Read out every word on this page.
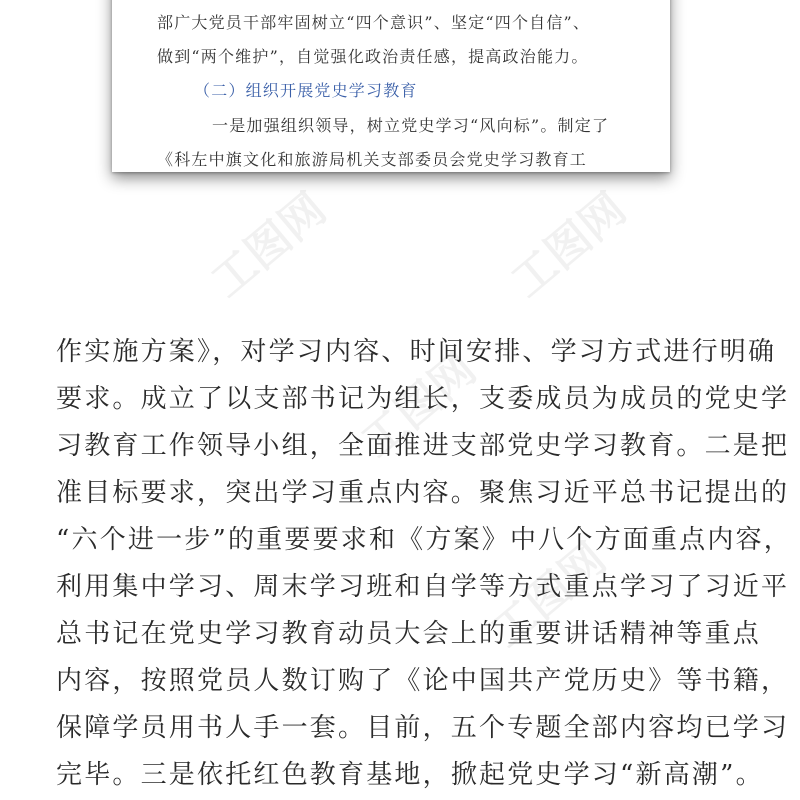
工图网	工图网
工图网
工图网
部广大党员干部牢固树立“四个意识”、坚定“四个自信”、
做到“两个维护”，自觉强化政治责任感，提高政治能力。
（二）组织开展党史学习教育
一是加强组织领导，树立党史学习“风向标”。制定了
《科左中旗文化和旅游局机关支部委员会党史学习教育工
作实施方案》，对学习内容、时间安排、学习方式进行明确
要求。成立了以支部书记为组长，支委成员为成员的党史学
习教育工作领导小组，全面推进支部党史学习教育。二是把
准目标要求，突出学习重点内容。聚焦习近平总书记提出的
“六个进一步”的重要要求和《方案》中八个方面重点内容，
利用集中学习、周末学习班和自学等方式重点学习了习近平
总书记在党史学习教育动员大会上的重要讲话精神等重点
内容，按照党员人数订购了《论中国共产党历史》等书籍，
保障学员用书人手一套。目前，五个专题全部内容均已学习
完毕。三是依托红色教育基地，掀起党史学习“新高潮”。
